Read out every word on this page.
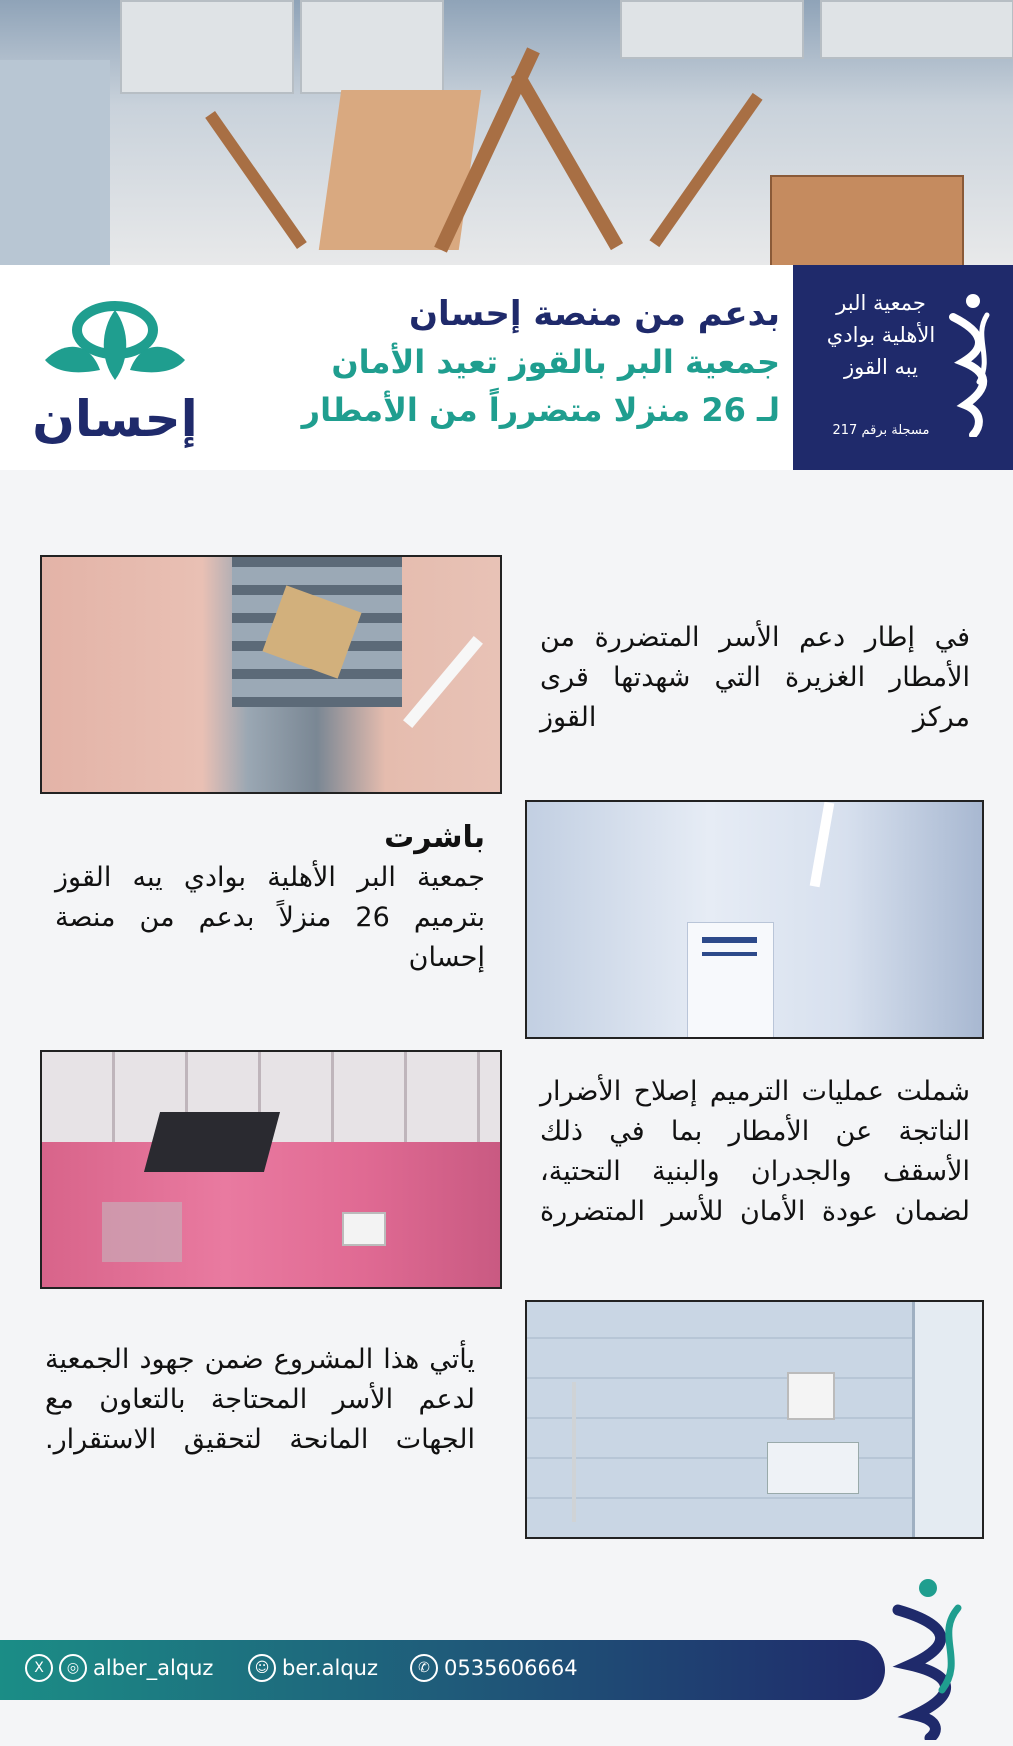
جمعية البر الأهلية بوادي يبه القوز
مسجلة برقم 217
بدعم من منصة إحسان
جمعية البر بالقوز تعيد الأمان
لـ 26 منزلا متضرراً من الأمطار
إحسان
في إطار دعم الأسر المتضررة من الأمطار الغزيرة التي شهدتها قرى مركز القوز
باشرت
جمعية البر الأهلية بوادي يبه القوز بترميم 26 منزلاً بدعم من منصة إحسان
شملت عمليات الترميم إصلاح الأضرار الناتجة عن الأمطار بما في ذلك الأسقف والجدران والبنية التحتية، لضمان عودة الأمان للأسر المتضررة
يأتي هذا المشروع ضمن جهود الجمعية لدعم الأسر المحتاجة بالتعاون مع الجهات المانحة لتحقيق الاستقرار.
X	◎ alber_alquz	☺ ber.alquz	✆ 0535606664
